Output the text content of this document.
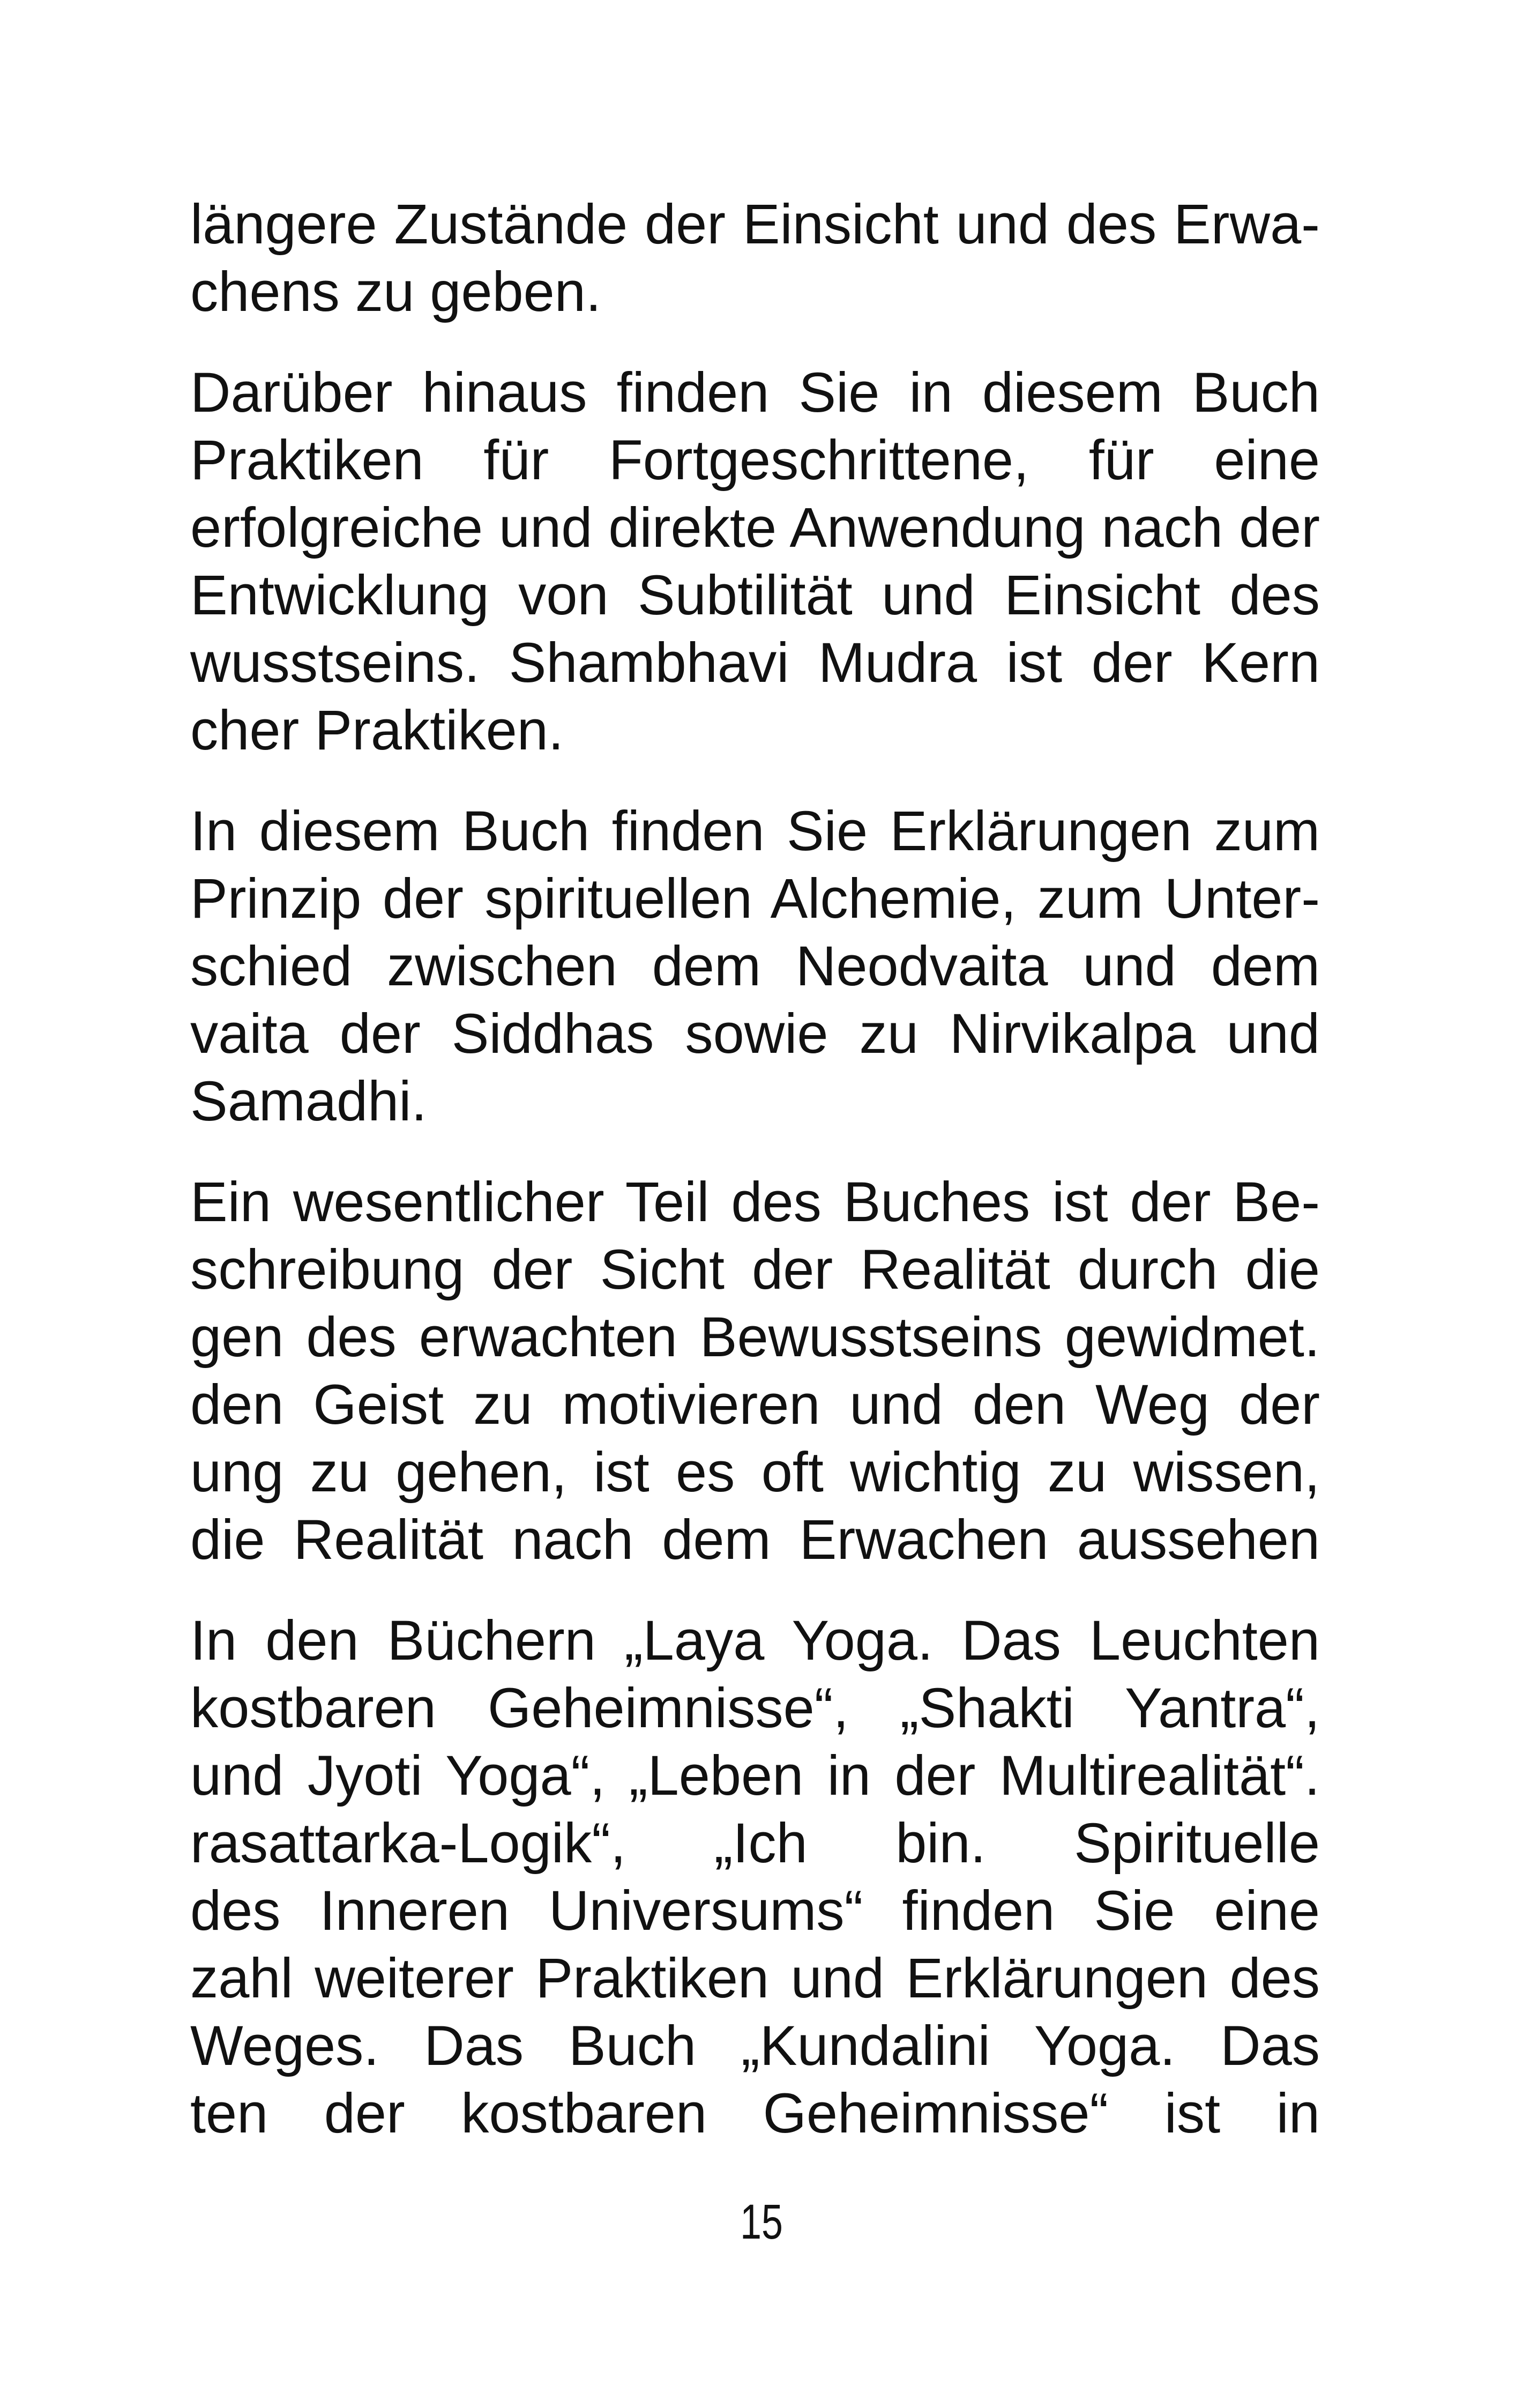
längere Zustände der Einsicht und des Erwa-
chens zu geben.
Darüber hinaus finden Sie in diesem Buch
Praktiken für Fortgeschrittene, für eine
erfolgreiche und direkte Anwendung nach der
Entwicklung von Subtilität und Einsicht des
wusstseins. Shambhavi Mudra ist der Kern
cher Praktiken.
In diesem Buch finden Sie Erklärungen zum
Prinzip der spirituellen Alchemie, zum Unter-
schied zwischen dem Neodvaita und dem
vaita der Siddhas sowie zu Nirvikalpa und
Samadhi.
Ein wesentlicher Teil des Buches ist der Be-
schreibung der Sicht der Realität durch die
gen des erwachten Bewusstseins gewidmet.
den Geist zu motivieren und den Weg der
ung zu gehen, ist es oft wichtig zu wissen,
die Realität nach dem Erwachen aussehen
In den Büchern „Laya Yoga. Das Leuchten
kostbaren Geheimnisse“, „Shakti Yantra“,
und Jyoti Yoga“, „Leben in der Multirealität“.
rasattarka-Logik“, „Ich bin. Spirituelle
des Inneren Universums“ finden Sie eine
zahl weiterer Praktiken und Erklärungen des
Weges. Das Buch „Kundalini Yoga. Das
ten der kostbaren Geheimnisse“ ist in
15
